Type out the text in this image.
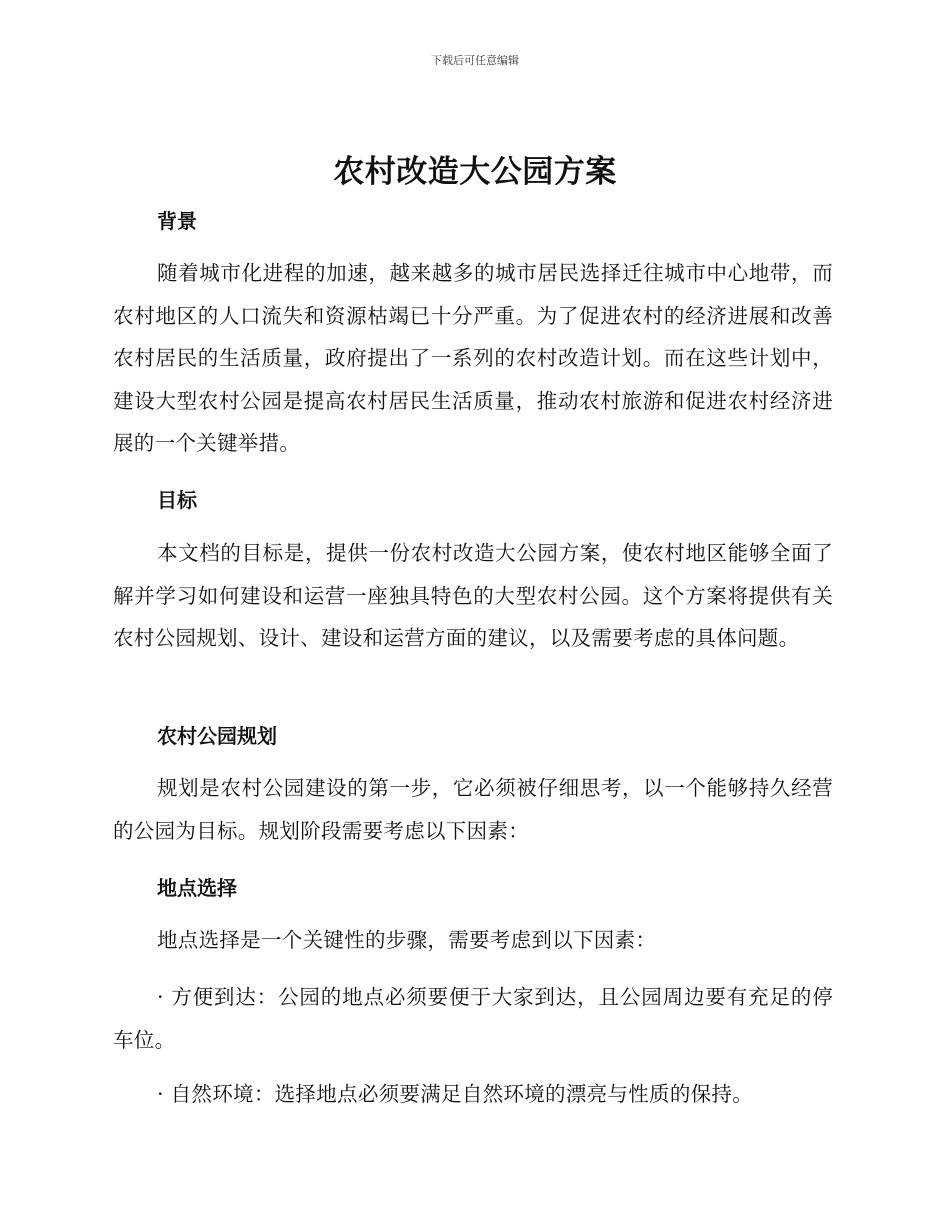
下载后可任意编辑
农村改造大公园方案
背景

随着城市化进程的加速，越来越多的城市居民选择迁往城市中心地带，而农村地区的人口流失和资源枯竭已十分严重。为了促进农村的经济进展和改善农村居民的生活质量，政府提出了一系列的农村改造计划。而在这些计划中，建设大型农村公园是提高农村居民生活质量，推动农村旅游和促进农村经济进展的一个关键举措。

目标

本文档的目标是，提供一份农村改造大公园方案，使农村地区能够全面了解并学习如何建设和运营一座独具特色的大型农村公园。这个方案将提供有关农村公园规划、设计、建设和运营方面的建议，以及需要考虑的具体问题。

农村公园规划

规划是农村公园建设的第一步，它必须被仔细思考，以一个能够持久经营的公园为目标。规划阶段需要考虑以下因素：

地点选择

地点选择是一个关键性的步骤，需要考虑到以下因素：

· 方便到达：公园的地点必须要便于大家到达，且公园周边要有充足的停车位。

· 自然环境：选择地点必须要满足自然环境的漂亮与性质的保持。
